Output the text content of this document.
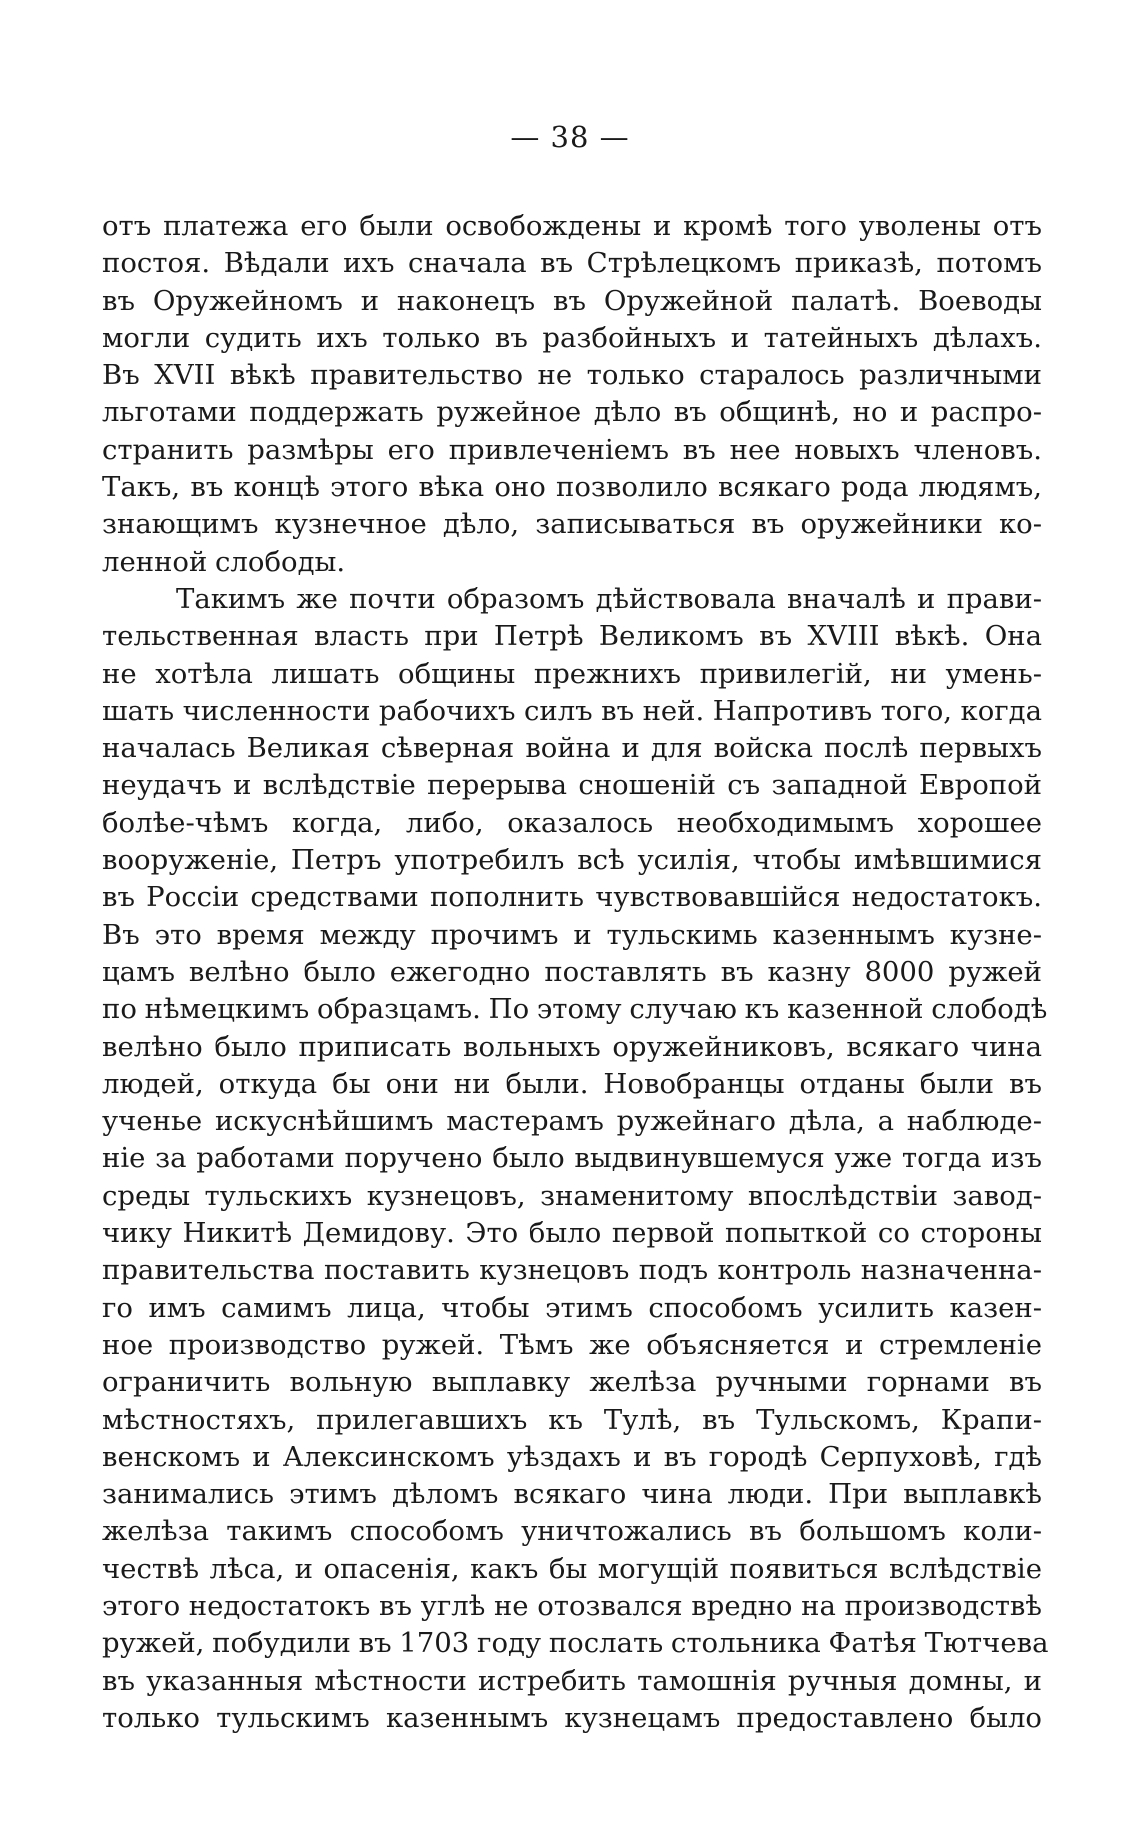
— 38 —
отъ платежа его были освобождены и кромѣ того уволены отъ
постоя. Вѣдали ихъ сначала въ Стрѣлецкомъ приказѣ, потомъ
въ Оружейномъ и наконецъ въ Оружейной палатѣ. Воеводы
могли судить ихъ только въ разбойныхъ и татейныхъ дѣлахъ.
Въ XVII вѣкѣ правительство не только старалось различными
льготами поддержать ружейное дѣло въ общинѣ, но и распро-
странить размѣры его привлеченіемъ въ нее новыхъ членовъ.
Такъ, въ концѣ этого вѣка оно позволило всякаго рода людямъ,
знающимъ кузнечное дѣло, записываться въ оружейники ко-
ленной слободы.
Такимъ же почти образомъ дѣйствовала вначалѣ и прави-
тельственная власть при Петрѣ Великомъ въ XVIII вѣкѣ. Она
не хотѣла лишать общины прежнихъ привилегій, ни умень-
шать численности рабочихъ силъ въ ней. Напротивъ того, когда
началась Великая сѣверная война и для войска послѣ первыхъ
неудачъ и вслѣдствіе перерыва сношеній съ западной Европой
болѣе-чѣмъ когда, либо, оказалось необходимымъ хорошее
вооруженіе, Петръ употребилъ всѣ усилія, чтобы имѣвшимися
въ Россіи средствами пополнить чувствовавшійся недостатокъ.
Въ это время между прочимъ и тульскимь казеннымъ кузне-
цамъ велѣно было ежегодно поставлять въ казну 8000 ружей
по нѣмецкимъ образцамъ. По этому случаю къ казенной слободѣ
велѣно было приписать вольныхъ оружейниковъ, всякаго чина
людей, откуда бы они ни были. Новобранцы отданы были въ
ученье искуснѣйшимъ мастерамъ ружейнаго дѣла, а наблюде-
ніе за работами поручено было выдвинувшемуся уже тогда изъ
среды тульскихъ кузнецовъ, знаменитому впослѣдствіи завод-
чику Никитѣ Демидову. Это было первой попыткой со стороны
правительства поставить кузнецовъ подъ контроль назначенна-
го имъ самимъ лица, чтобы этимъ способомъ усилить казен-
ное производство ружей. Тѣмъ же объясняется и стремленіе
ограничить вольную выплавку желѣза ручными горнами въ
мѣстностяхъ, прилегавшихъ къ Тулѣ, въ Тульскомъ, Крапи-
венскомъ и Алексинскомъ уѣздахъ и въ городѣ Серпуховѣ, гдѣ
занимались этимъ дѣломъ всякаго чина люди. При выплавкѣ
желѣза такимъ способомъ уничтожались въ большомъ коли-
чествѣ лѣса, и опасенія, какъ бы могущій появиться вслѣдствіе
этого недостатокъ въ углѣ не отозвался вредно на производствѣ
ружей, побудили въ 1703 году послать стольника Фатѣя Тютчева
въ указанныя мѣстности истребить тамошнія ручныя домны, и
только тульскимъ казеннымъ кузнецамъ предоставлено было
